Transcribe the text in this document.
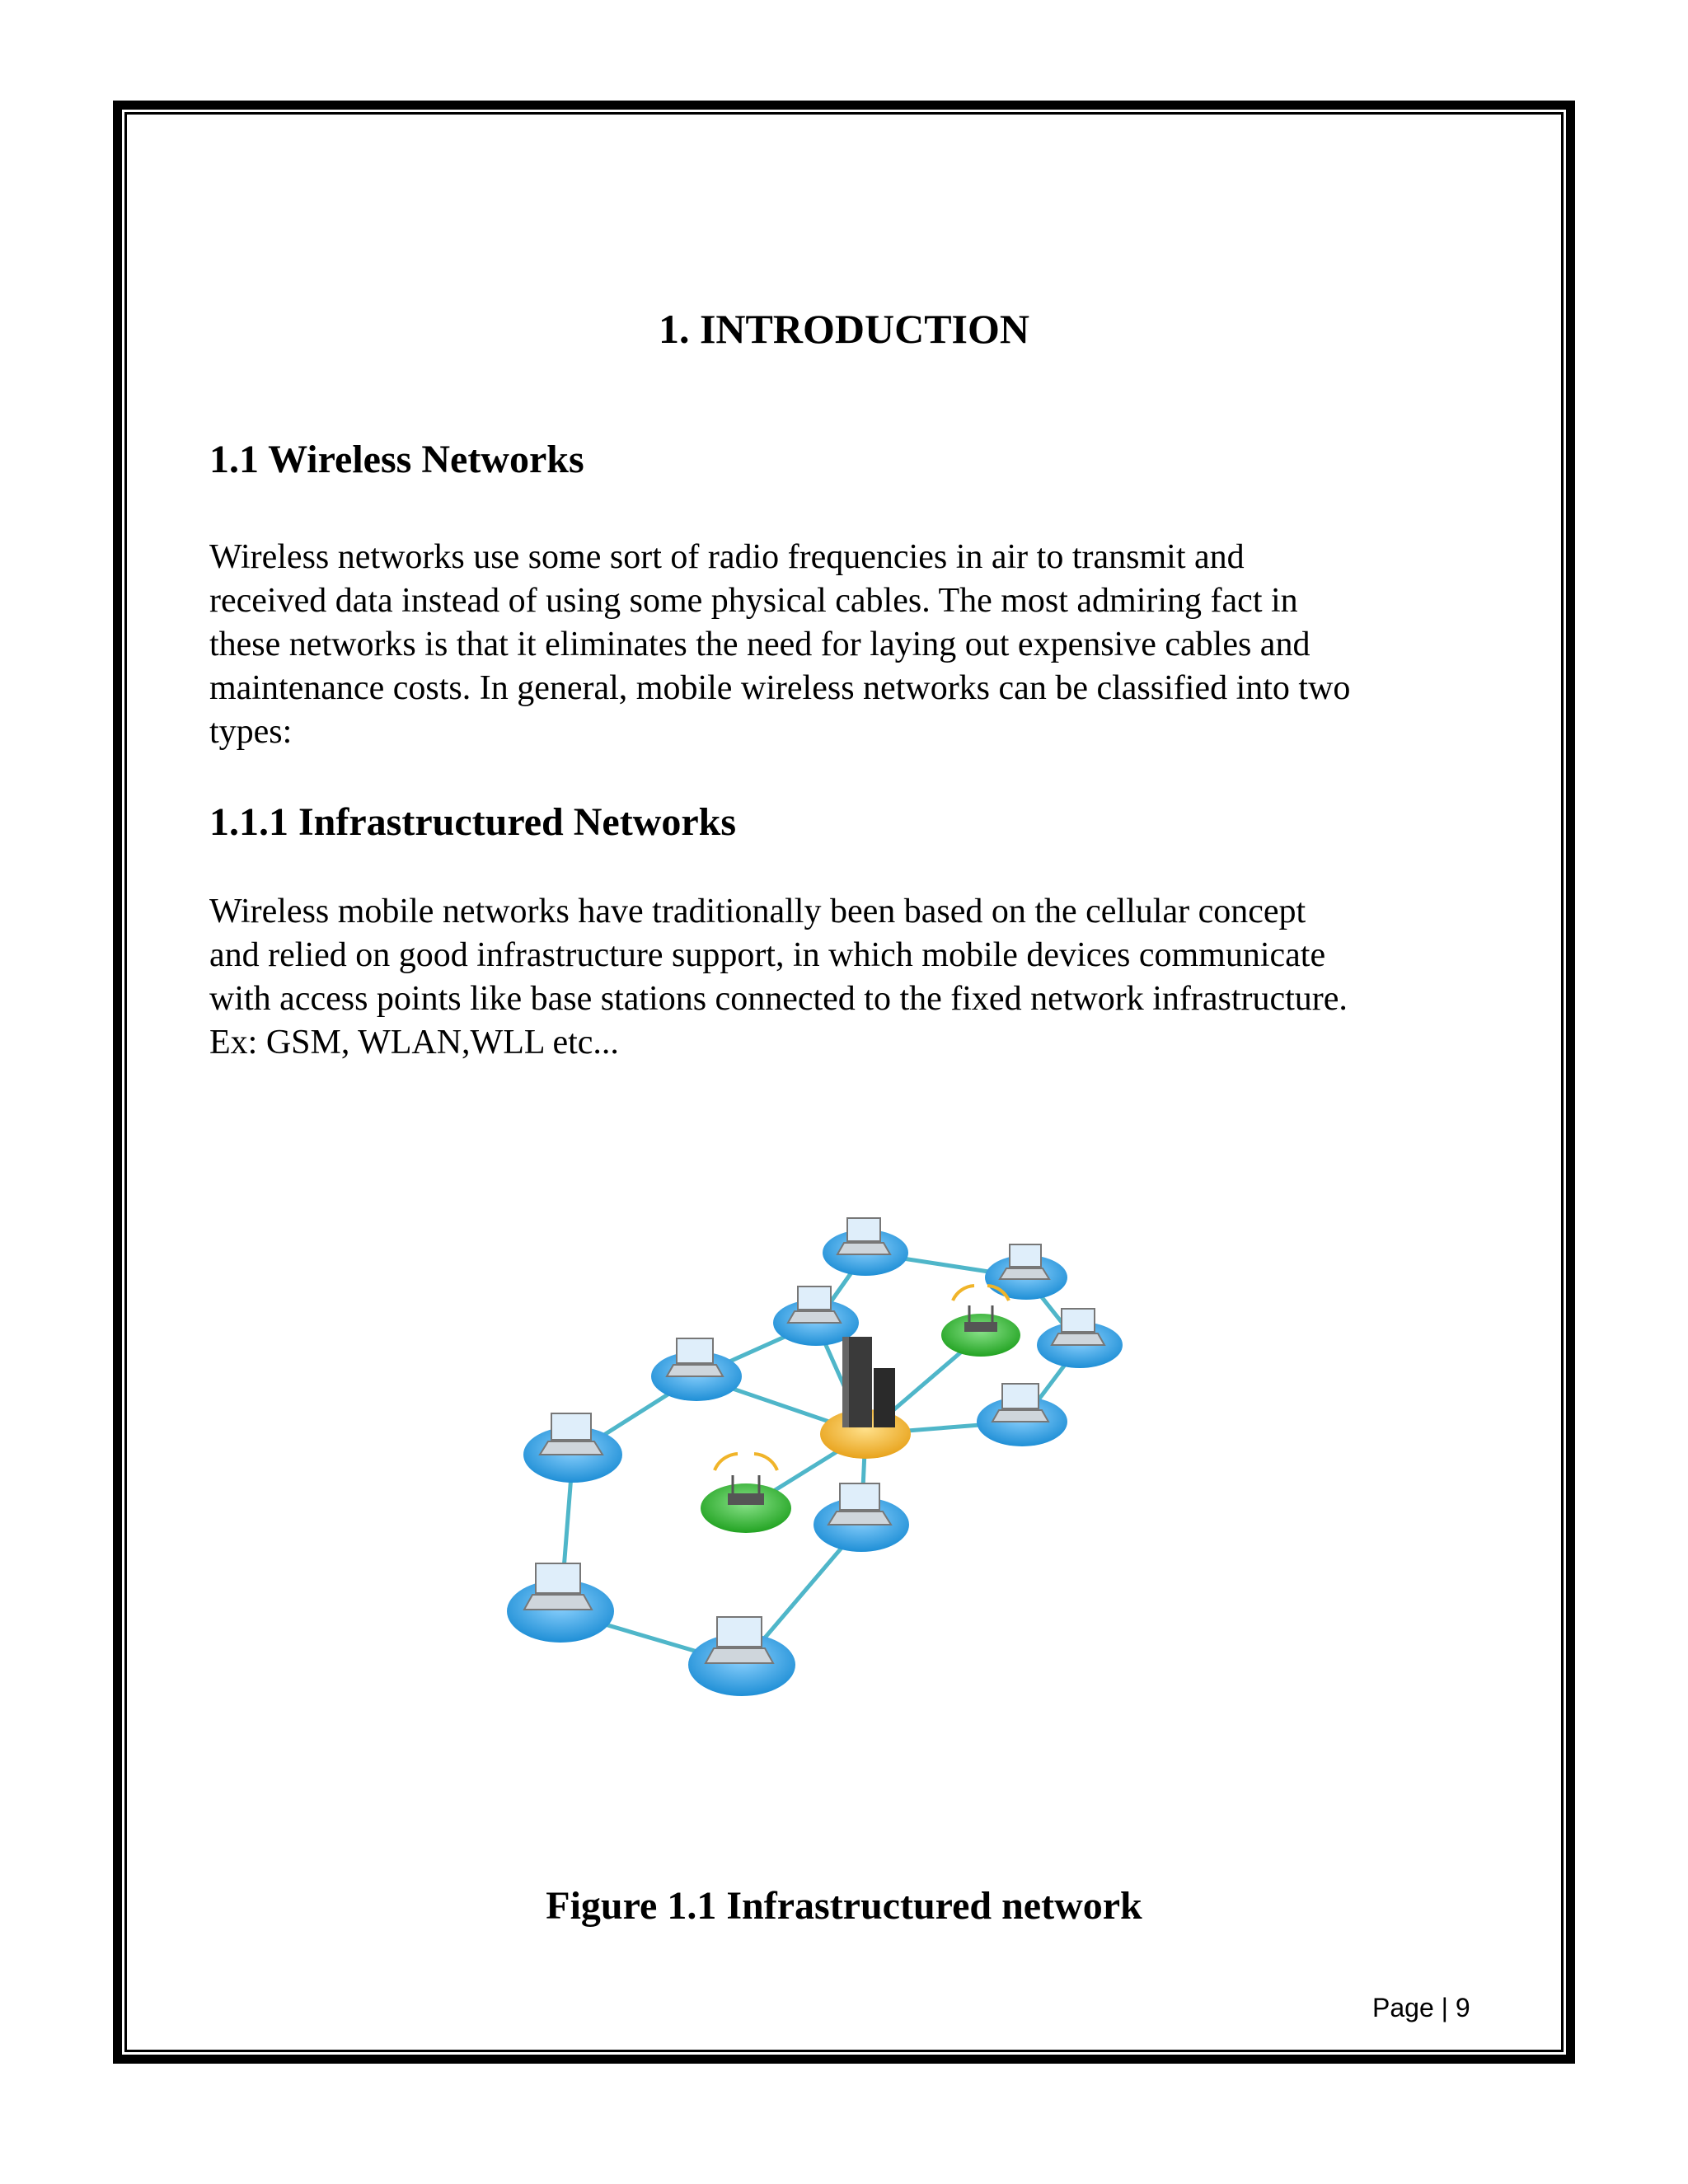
1. INTRODUCTION
1.1 Wireless Networks
Wireless networks use some sort of radio frequencies in air to transmit and
received data instead of using some physical cables. The most admiring fact in
these networks is that it eliminates the need for laying out expensive cables and
maintenance costs. In general, mobile wireless networks can be classified into two
types:
1.1.1 Infrastructured Networks
Wireless mobile networks have traditionally been based on the cellular concept
and relied on good infrastructure support, in which mobile devices communicate
with access points like base stations connected to the fixed network infrastructure.
Ex: GSM, WLAN,WLL etc...

Figure 1.1 Infrastructured network

Page | 9
